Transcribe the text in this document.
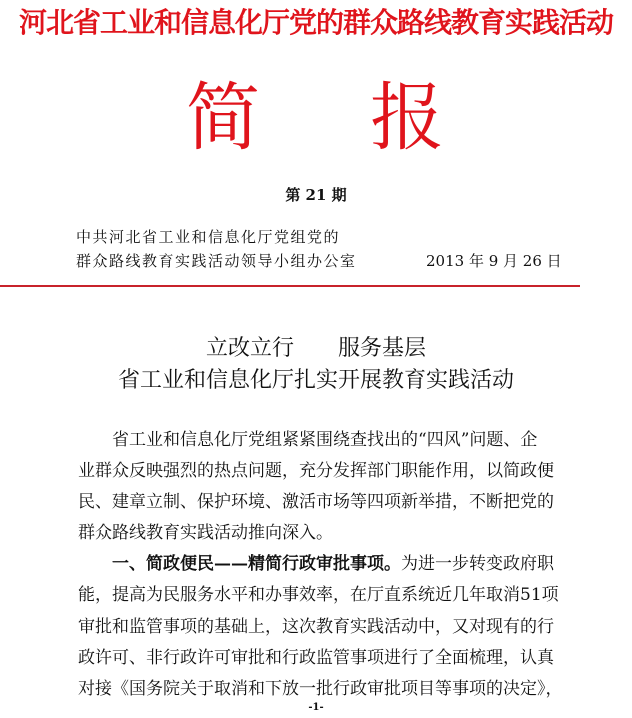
河北省工业和信息化厅党的群众路线教育实践活动
简 报
第 21 期
中共河北省工业和信息化厅党组党的
群众路线教育实践活动领导小组办公室	2013 年 9 月 26 日
立改立行　　服务基层
省工业和信息化厅扎实开展教育实践活动
　　省工业和信息化厅党组紧紧围绕查找出的“四风”问题、企
业群众反映强烈的热点问题，充分发挥部门职能作用，以简政便
民、建章立制、保护环境、激活市场等四项新举措，不断把党的
群众路线教育实践活动推向深入。
　　一、简政便民——精简行政审批事项。为进一步转变政府职
能，提高为民服务水平和办事效率，在厅直系统近几年取消51项
审批和监管事项的基础上，这次教育实践活动中，又对现有的行
政许可、非行政许可审批和行政监管事项进行了全面梳理，认真
对接《国务院关于取消和下放一批行政审批项目等事项的决定》，
-1-
